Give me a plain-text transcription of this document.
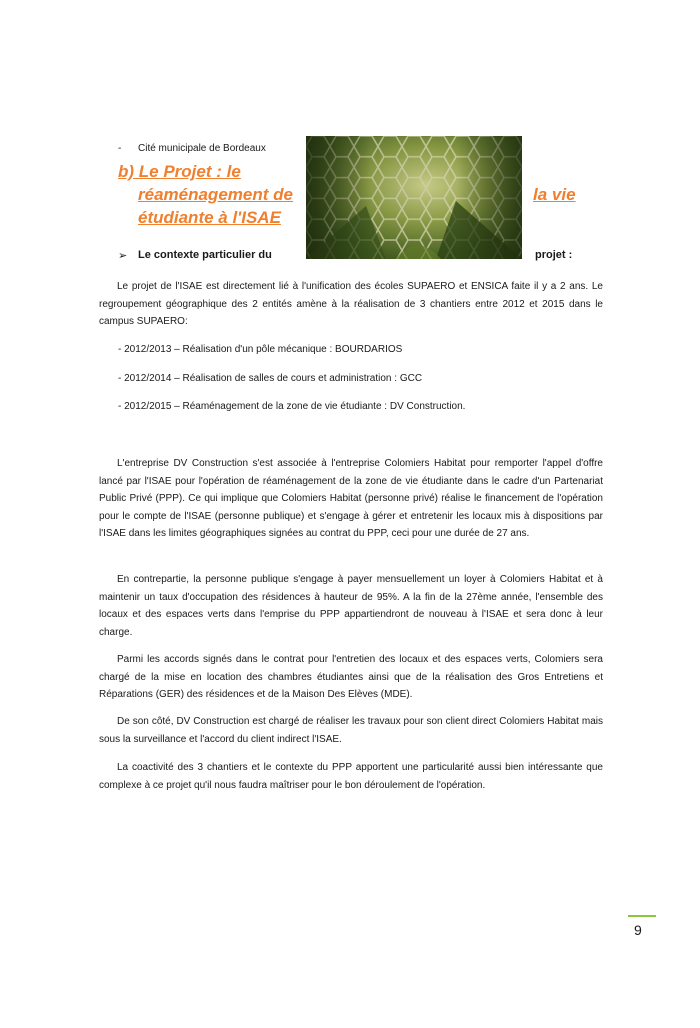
- Cité municipale de Bordeaux
b) Le Projet : le
réaménagement de	la vie
étudiante à l'ISAE
➢ Le contexte particulier du	projet :

Le projet de l'ISAE est directement lié à l'unification des écoles SUPAERO et ENSICA faite il y a 2 ans. Le regroupement géographique des 2 entités amène à la réalisation de 3 chantiers entre 2012 et 2015 dans le campus SUPAERO:

- 2012/2013 – Réalisation d'un pôle mécanique : BOURDARIOS
- 2012/2014 – Réalisation de salles de cours et administration : GCC
- 2012/2015 – Réaménagement de la zone de vie étudiante : DV Construction.

L'entreprise DV Construction s'est associée à l'entreprise Colomiers Habitat pour remporter l'appel d'offre lancé par l'ISAE pour l'opération de réaménagement de la zone de vie étudiante dans le cadre d'un Partenariat Public Privé (PPP). Ce qui implique que Colomiers Habitat (personne privé) réalise le financement de l'opération pour le compte de l'ISAE (personne publique) et s'engage à gérer et entretenir les locaux mis à dispositions par l'ISAE dans les limites géographiques signées au contrat du PPP, ceci pour une durée de 27 ans.

En contrepartie, la personne publique s'engage à payer mensuellement un loyer à Colomiers Habitat et à maintenir un taux d'occupation des résidences à hauteur de 95%. A la fin de la 27ème année, l'ensemble des locaux et des espaces verts dans l'emprise du PPP appartiendront de nouveau à l'ISAE et sera donc à leur charge.

Parmi les accords signés dans le contrat pour l'entretien des locaux et des espaces verts, Colomiers sera chargé de la mise en location des chambres étudiantes ainsi que de la réalisation des Gros Entretiens et Réparations (GER) des résidences et de la Maison Des Elèves (MDE).

De son côté, DV Construction est chargé de réaliser les travaux pour son client direct Colomiers Habitat mais sous la surveillance et l'accord du client indirect l'ISAE.

La coactivité des 3 chantiers et le contexte du PPP apportent une particularité aussi bien intéressante que complexe à ce projet qu'il nous faudra maîtriser pour le bon déroulement de l'opération.

9
